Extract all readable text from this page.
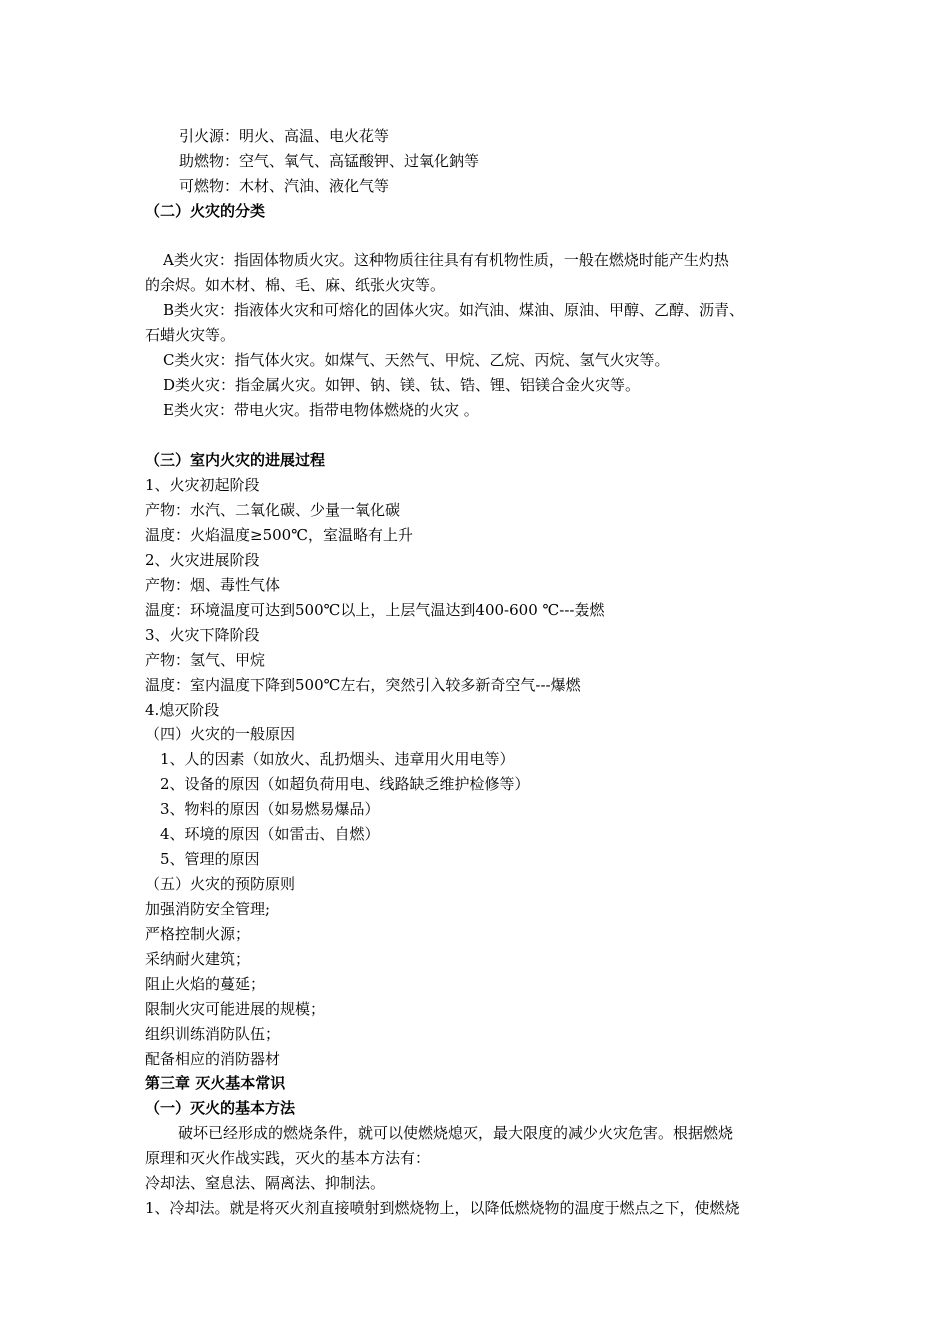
引火源：明火、高温、电火花等
助燃物：空气、氧气、高锰酸钾、过氧化鈉等
可燃物：木材、汽油、液化气等
（二）火灾的分类
A类火灾：指固体物质火灾。这种物质往往具有有机物性质，一般在燃烧时能产生灼热
的余烬。如木材、棉、毛、麻、纸张火灾等。
B类火灾：指液体火灾和可熔化的固体火灾。如汽油、煤油、原油、甲醇、乙醇、沥青、
石蜡火灾等。
C类火灾：指气体火灾。如煤气、天然气、甲烷、乙烷、丙烷、氢气火灾等。
D类火灾：指金属火灾。如钾、钠、镁、钛、锆、锂、铝镁合金火灾等。
E类火灾：带电火灾。指带电物体燃烧的火灾 。
（三）室内火灾的进展过程
1、火灾初起阶段
产物：水汽、二氧化碳、少量一氧化碳
温度：火焰温度≥500℃，室温略有上升
2、火灾进展阶段
产物：烟、毒性气体
温度：环境温度可达到500℃以上，上层气温达到400-600 ℃---轰燃
3、火灾下降阶段
产物：氢气、甲烷
温度：室内温度下降到500℃左右，突然引入较多新奇空气---爆燃
4.熄灭阶段
（四）火灾的一般原因
1、人的因素（如放火、乱扔烟头、违章用火用电等）
2、设备的原因（如超负荷用电、线路缺乏维护检修等）
3、物料的原因（如易燃易爆品）
4、环境的原因（如雷击、自燃）
5、管理的原因
（五）火灾的预防原则
加强消防安全管理;
严格控制火源；
采纳耐火建筑；
阻止火焰的蔓延；
限制火灾可能进展的规模；
组织训练消防队伍；
配备相应的消防器材
第三章 灭火基本常识
（一）灭火的基本方法
破坏已经形成的燃烧条件，就可以使燃烧熄灭，最大限度的减少火灾危害。根据燃烧
原理和灭火作战实践，灭火的基本方法有：
冷却法、窒息法、隔离法、抑制法。
1、冷却法。就是将灭火剂直接喷射到燃烧物上，以降低燃烧物的温度于燃点之下，使燃烧
